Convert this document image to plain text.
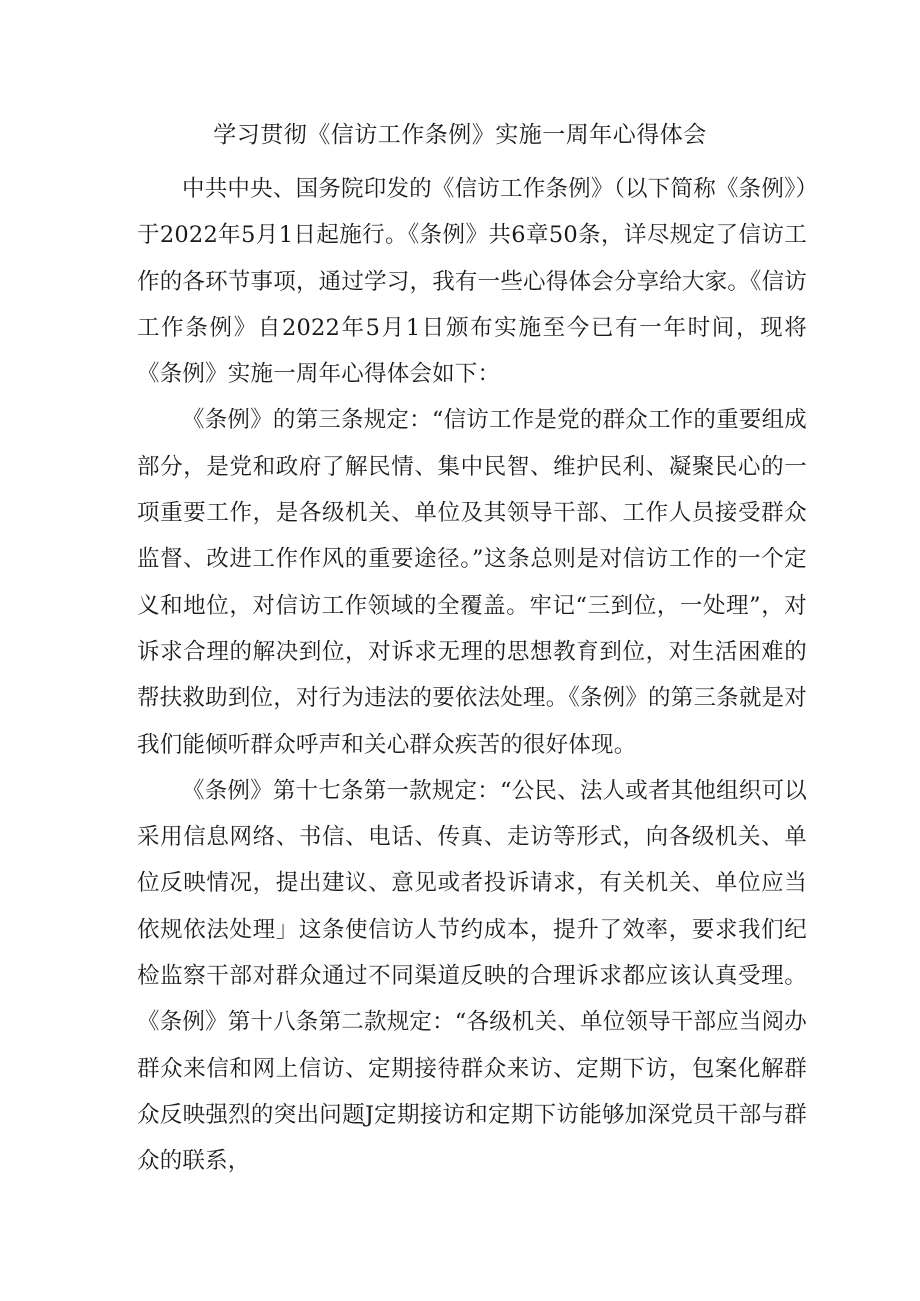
学习贯彻《信访工作条例》实施一周年心得体会

中共中央、国务院印发的《信访工作条例》（以下简称《条例》）于2022年5月1日起施行。《条例》共6章50条，详尽规定了信访工作的各环节事项，通过学习，我有一些心得体会分享给大家。《信访工作条例》自2022年5月1日颁布实施至今已有一年时间，现将《条例》实施一周年心得体会如下：

《条例》的第三条规定：“信访工作是党的群众工作的重要组成部分，是党和政府了解民情、集中民智、维护民利、凝聚民心的一项重要工作，是各级机关、单位及其领导干部、工作人员接受群众监督、改进工作作风的重要途径。”这条总则是对信访工作的一个定义和地位，对信访工作领域的全覆盖。牢记“三到位，一处理”，对诉求合理的解决到位，对诉求无理的思想教育到位，对生活困难的帮扶救助到位，对行为违法的要依法处理。《条例》的第三条就是对我们能倾听群众呼声和关心群众疾苦的很好体现。

《条例》第十七条第一款规定：“公民、法人或者其他组织可以采用信息网络、书信、电话、传真、走访等形式，向各级机关、单位反映情况，提出建议、意见或者投诉请求，有关机关、单位应当依规依法处理」这条使信访人节约成本，提升了效率，要求我们纪检监察干部对群众通过不同渠道反映的合理诉求都应该认真受理。《条例》第十八条第二款规定：“各级机关、单位领导干部应当阅办群众来信和网上信访、定期接待群众来访、定期下访，包案化解群众反映强烈的突出问题J定期接访和定期下访能够加深党员干部与群众的联系，
